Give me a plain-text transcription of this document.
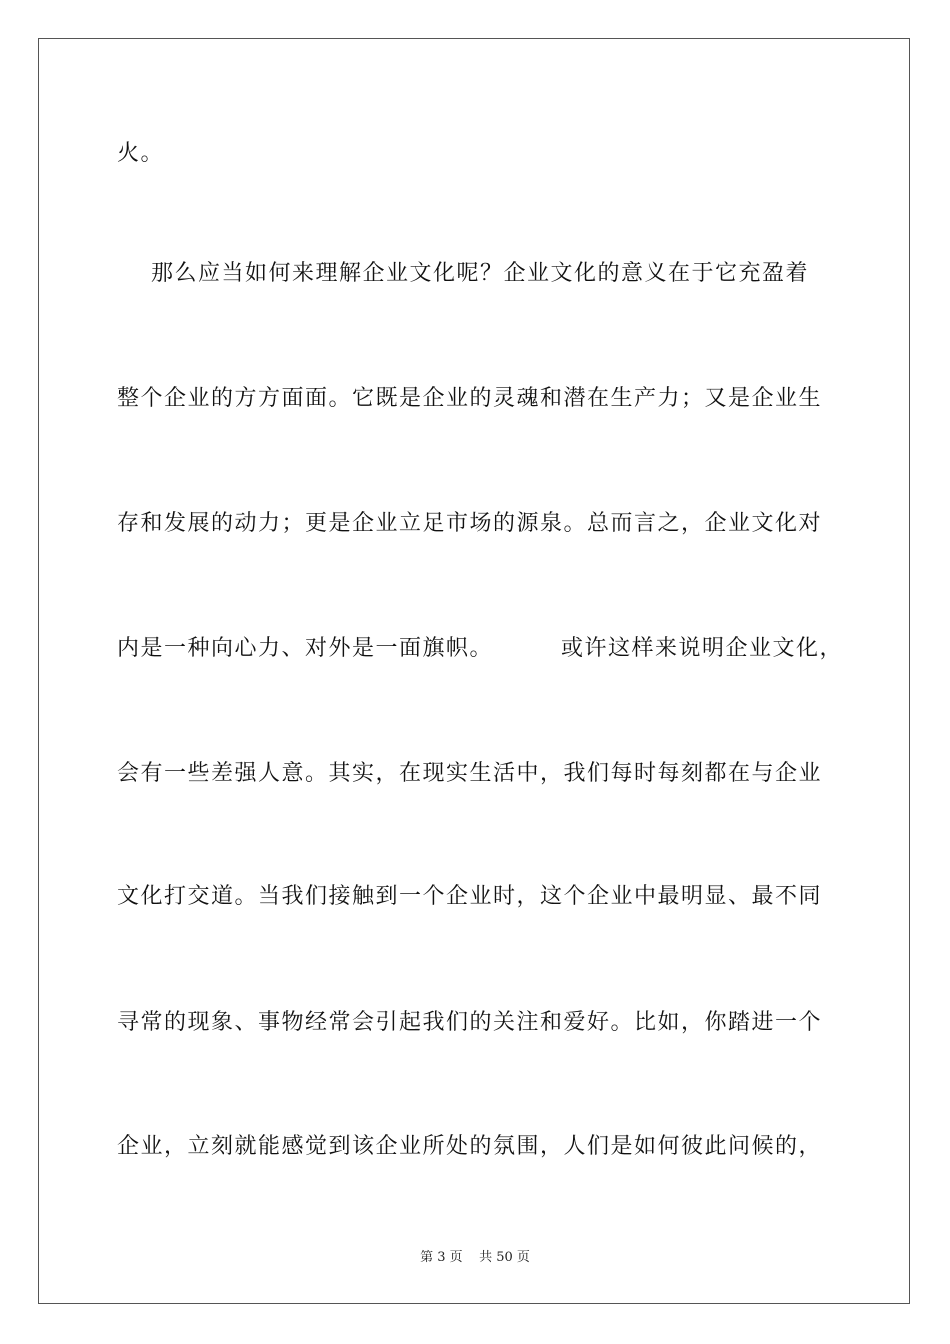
火。
那么应当如何来理解企业文化呢？企业文化的意义在于它充盈着
整个企业的方方面面。它既是企业的灵魂和潜在生产力；又是企业生
存和发展的动力；更是企业立足市场的源泉。总而言之，企业文化对
内是一种向心力、对外是一面旗帜。        或许这样来说明企业文化，
会有一些差强人意。其实，在现实生活中，我们每时每刻都在与企业
文化打交道。当我们接触到一个企业时，这个企业中最明显、最不同
寻常的现象、事物经常会引起我们的关注和爱好。比如，你踏进一个
企业，立刻就能感觉到该企业所处的氛围，人们是如何彼此问候的，
第 3 页    共 50 页
